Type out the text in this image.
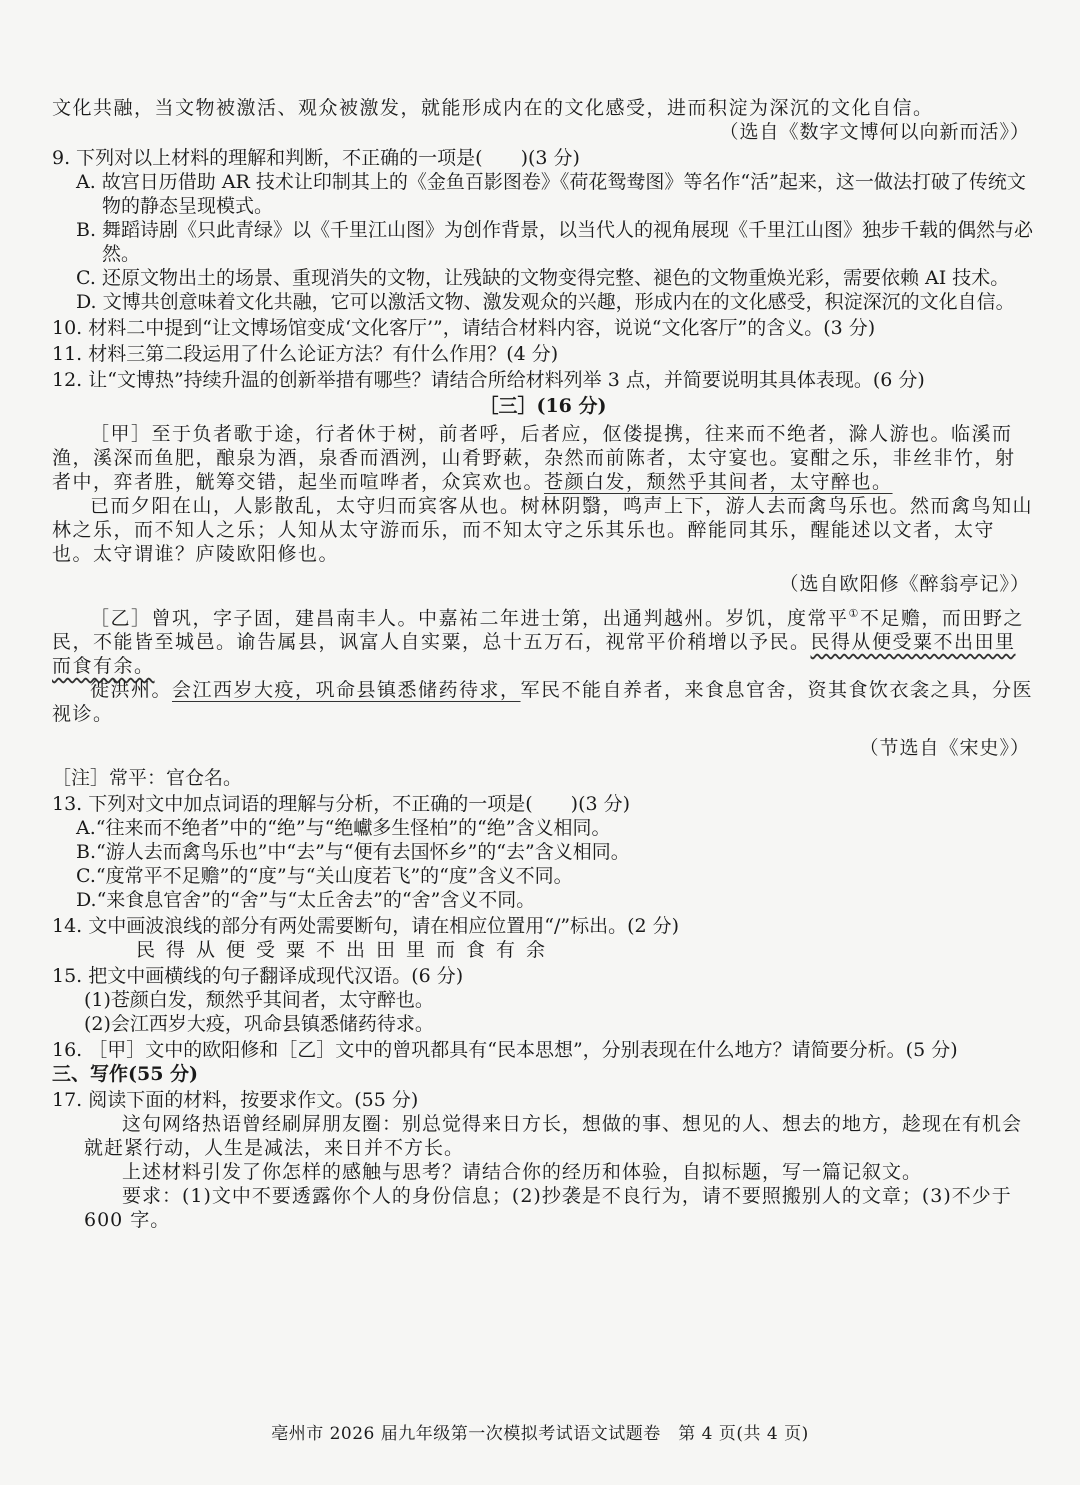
文化共融，当文物被激活、观众被激发，就能形成内在的文化感受，进而积淀为深沉的文化自信。

（选自《数字文博何以向新而活》）

9. 下列对以上材料的理解和判断，不正确的一项是(　　)(3 分)

A. 故宫日历借助 AR 技术让印制其上的《金鱼百影图卷》《荷花鸳鸯图》等名作“活”起来，这一做法打破了传统文物的静态呈现模式。

B. 舞蹈诗剧《只此青绿》以《千里江山图》为创作背景，以当代人的视角展现《千里江山图》独步千载的偶然与必然。

C. 还原文物出土的场景、重现消失的文物，让残缺的文物变得完整、褪色的文物重焕光彩，需要依赖 AI 技术。

D. 文博共创意味着文化共融，它可以激活文物、激发观众的兴趣，形成内在的文化感受，积淀深沉的文化自信。

10. 材料二中提到“让文博场馆变成‘文化客厅’”，请结合材料内容，说说“文化客厅”的含义。(3 分)

11. 材料三第二段运用了什么论证方法？有什么作用？(4 分)

12. 让“文博热”持续升温的创新举措有哪些？请结合所给材料列举 3 点，并简要说明其具体表现。(6 分)

［三］(16 分)

［甲］至于负者歌于途，行者休于树，前者呼，后者应，伛偻提携，往来而不绝者，滁人游也。临溪而渔，溪深而鱼肥，酿泉为酒，泉香而酒洌，山肴野蔌，杂然而前陈者，太守宴也。宴酣之乐，非丝非竹，射者中，弈者胜，觥筹交错，起坐而喧哗者，众宾欢也。苍颜白发，颓然乎其间者，太守醉也。

已而夕阳在山，人影散乱，太守归而宾客从也。树林阴翳，鸣声上下，游人去而禽鸟乐也。然而禽鸟知山林之乐，而不知人之乐；人知从太守游而乐，而不知太守之乐其乐也。醉能同其乐，醒能述以文者，太守也。太守谓谁？庐陵欧阳修也。

（选自欧阳修《醉翁亭记》）

［乙］曾巩，字子固，建昌南丰人。中嘉祐二年进士第，出通判越州。岁饥，度常平①不足赡，而田野之民，不能皆至城邑。谕告属县，讽富人自实粟，总十五万石，视常平价稍增以予民。民得从便受粟不出田里而食有余。

徙洪州。会江西岁大疫，巩命县镇悉储药待求，军民不能自养者，来食息官舍，资其食饮衣衾之具，分医视诊。

（节选自《宋史》）

［注］常平：官仓名。

13. 下列对文中加点词语的理解与分析，不正确的一项是(　　)(3 分)

A.“往来而不绝者”中的“绝”与“绝巘多生怪柏”的“绝”含义相同。

B.“游人去而禽鸟乐也”中“去”与“便有去国怀乡”的“去”含义相同。

C.“度常平不足赡”的“度”与“关山度若飞”的“度”含义不同。

D.“来食息官舍”的“舍”与“太丘舍去”的“舍”含义不同。

14. 文中画波浪线的部分有两处需要断句，请在相应位置用“/”标出。(2 分)

民得从便受粟不出田里而食有余

15. 把文中画横线的句子翻译成现代汉语。(6 分)

(1)苍颜白发，颓然乎其间者，太守醉也。

(2)会江西岁大疫，巩命县镇悉储药待求。

16. ［甲］文中的欧阳修和［乙］文中的曾巩都具有“民本思想”，分别表现在什么地方？请简要分析。(5 分)

三、写作(55 分)

17. 阅读下面的材料，按要求作文。(55 分)

这句网络热语曾经刷屏朋友圈：别总觉得来日方长，想做的事、想见的人、想去的地方，趁现在有机会就赶紧行动，人生是减法，来日并不方长。

上述材料引发了你怎样的感触与思考？请结合你的经历和体验，自拟标题，写一篇记叙文。

要求：(1)文中不要透露你个人的身份信息；(2)抄袭是不良行为，请不要照搬别人的文章；(3)不少于 600 字。

亳州市 2026 届九年级第一次模拟考试语文试题卷　第 4 页(共 4 页)
